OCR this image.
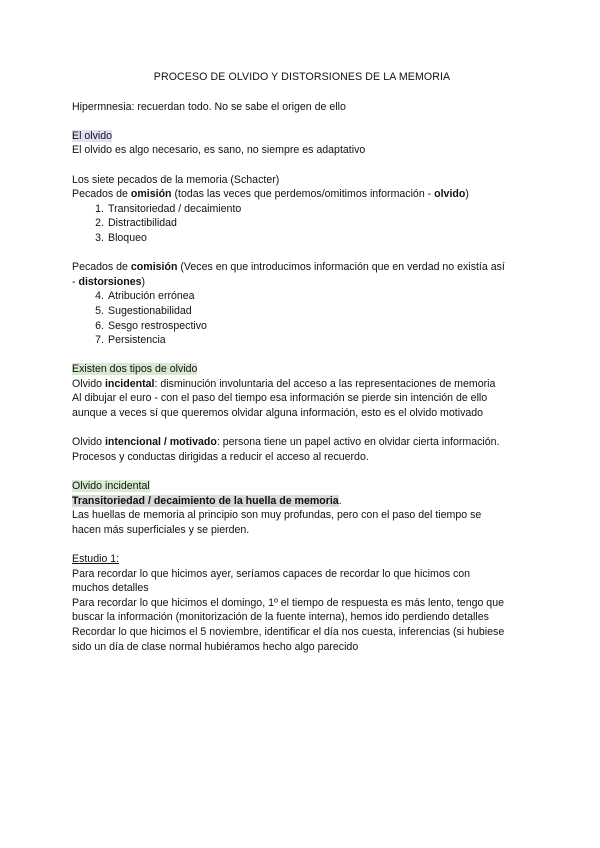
PROCESO DE OLVIDO Y DISTORSIONES DE LA MEMORIA

Hipermnesia: recuerdan todo. No se sabe el origen de ello

El olvido

El olvido es algo necesario, es sano, no siempre es adaptativo

Los siete pecados de la memoria (Schacter)

Pecados de omisión (todas las veces que perdemos/omitimos información - olvido)

1. Transitoriedad / decaimiento
2. Distractibilidad
3. Bloqueo

Pecados de comisión (Veces en que introducimos información que en verdad no existía así

- distorsiones)

4. Atribución errónea
5. Sugestionabilidad
6. Sesgo restrospectivo
7. Persistencia

Existen dos tipos de olvido

Olvido incidental: disminución involuntaria del acceso a las representaciones de memoria

Al dibujar el euro - con el paso del tiempo esa información se pierde sin intención de ello

aunque a veces sí que queremos olvidar alguna información, esto es el olvido motivado

Olvido intencional / motivado: persona tiene un papel activo en olvidar cierta información.

Procesos y conductas dirigidas a reducir el acceso al recuerdo.

Olvido incidental

Transitoriedad / decaimiento de la huella de memoria.

Las huellas de memoria al principio son muy profundas, pero con el paso del tiempo se

hacen más superficiales y se pierden.

Estudio 1:

Para recordar lo que hicimos ayer, seríamos capaces de recordar lo que hicimos con

muchos detalles

Para recordar lo que hicimos el domingo, 1º el tiempo de respuesta es más lento, tengo que

buscar la información (monitorización de la fuente interna), hemos ido perdiendo detalles

Recordar lo que hicimos el 5 noviembre, identificar el día nos cuesta, inferencias (si hubiese

sido un día de clase normal hubiéramos hecho algo parecido
